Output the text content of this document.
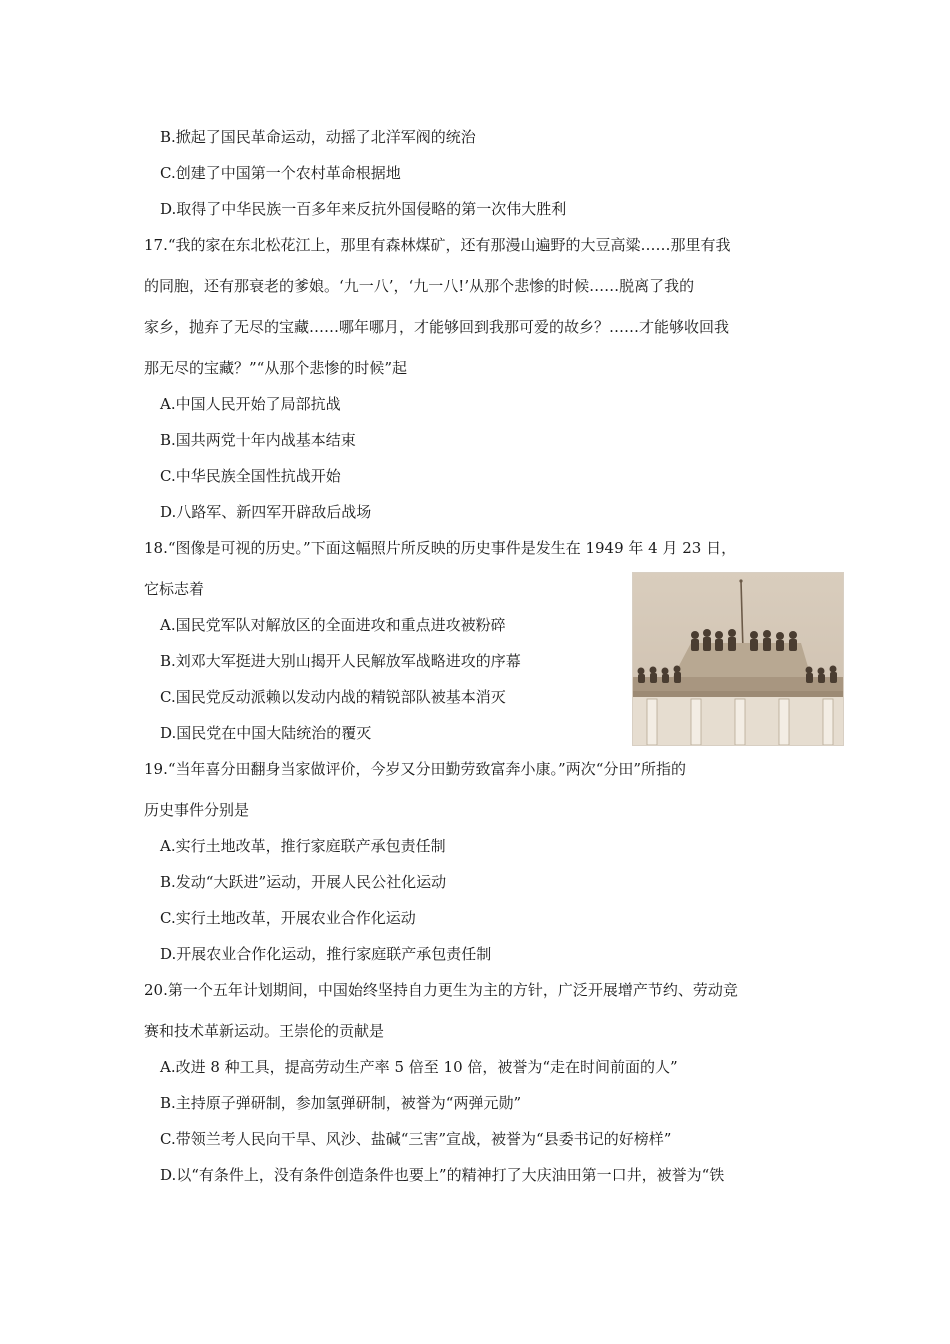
B.掀起了国民革命运动，动摇了北洋军阀的统治
C.创建了中国第一个农村革命根据地
D.取得了中华民族一百多年来反抗外国侵略的第一次伟大胜利
17.“我的家在东北松花江上，那里有森林煤矿，还有那漫山遍野的大豆高粱……那里有我
的同胞，还有那衰老的爹娘。‘九一八’，‘九一八!’从那个悲惨的时候……脱离了我的
家乡，抛弃了无尽的宝藏……哪年哪月，才能够回到我那可爱的故乡？……才能够收回我
那无尽的宝藏？”“从那个悲惨的时候”起
A.中国人民开始了局部抗战
B.国共两党十年内战基本结束
C.中华民族全国性抗战开始
D.八路军、新四军开辟敌后战场
18.“图像是可视的历史。”下面这幅照片所反映的历史事件是发生在 1949 年 4 月 23 日，
它标志着
A.国民党军队对解放区的全面进攻和重点进攻被粉碎
B.刘邓大军挺进大别山揭开人民解放军战略进攻的序幕
C.国民党反动派赖以发动内战的精锐部队被基本消灭
D.国民党在中国大陆统治的覆灭
19.“当年喜分田翻身当家做评价，今岁又分田勤劳致富奔小康。”两次“分田”所指的
历史事件分别是
A.实行土地改革，推行家庭联产承包责任制
B.发动“大跃进”运动，开展人民公社化运动
C.实行土地改革，开展农业合作化运动
D.开展农业合作化运动，推行家庭联产承包责任制
20.第一个五年计划期间，中国始终坚持自力更生为主的方针，广泛开展增产节约、劳动竞
赛和技术革新运动。王崇伦的贡献是
A.改进 8 种工具，提高劳动生产率 5 倍至 10 倍，被誉为“走在时间前面的人”
B.主持原子弹研制，参加氢弹研制，被誉为“两弹元勋”
C.带领兰考人民向干旱、风沙、盐碱“三害”宣战，被誉为“县委书记的好榜样”
D.以“有条件上，没有条件创造条件也要上”的精神打了大庆油田第一口井，被誉为“铁
